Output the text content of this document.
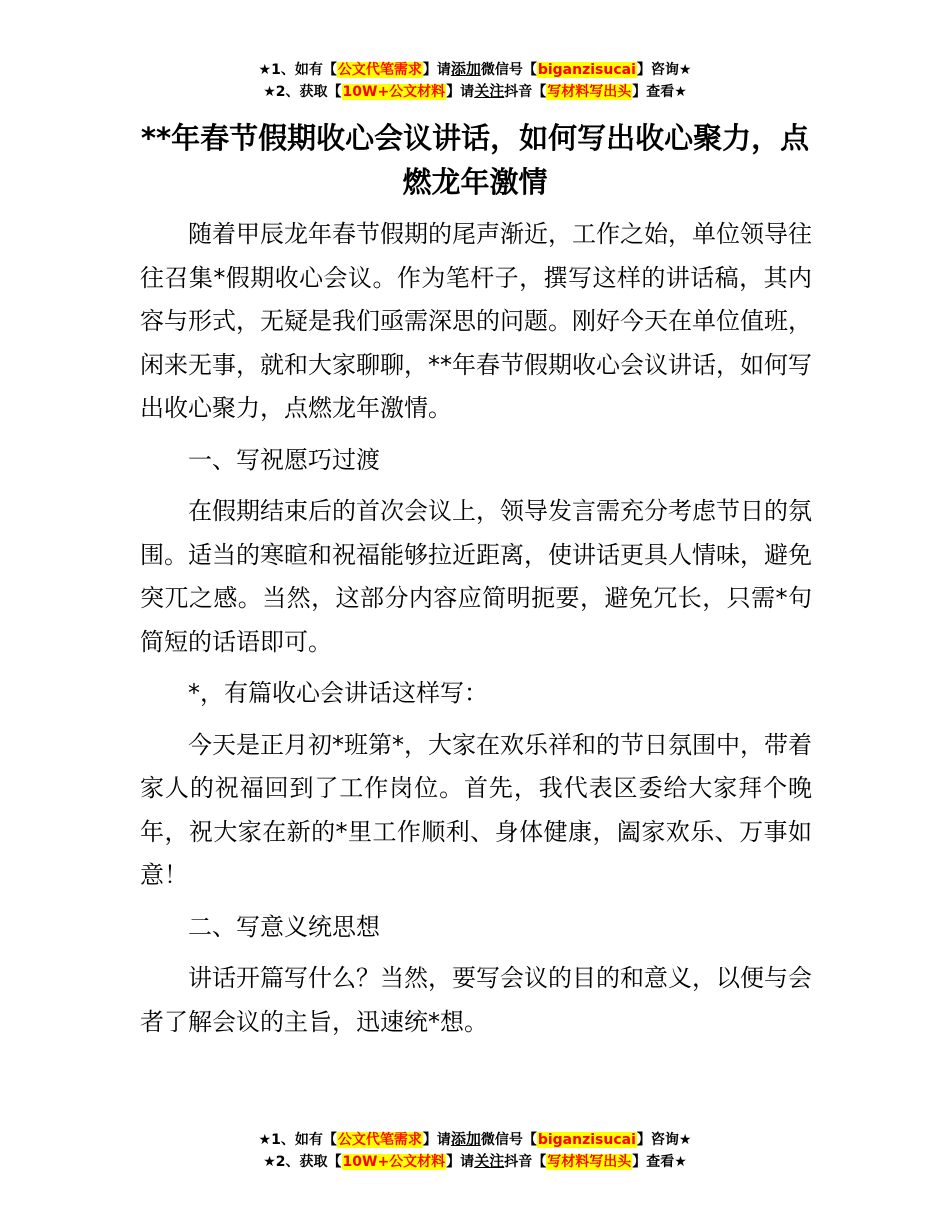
★1、如有【公文代笔需求】请添加微信号【biganzisucai】咨询★
★2、获取【10W+公文材料】请关注抖音【写材料写出头】查看★
**年春节假期收心会议讲话，如何写出收心聚力，点燃龙年激情

随着甲辰龙年春节假期的尾声渐近，工作之始，单位领导往往召集*假期收心会议。作为笔杆子，撰写这样的讲话稿，其内容与形式，无疑是我们亟需深思的问题。刚好今天在单位值班，闲来无事，就和大家聊聊，**年春节假期收心会议讲话，如何写出收心聚力，点燃龙年激情。

一、写祝愿巧过渡

在假期结束后的首次会议上，领导发言需充分考虑节日的氛围。适当的寒暄和祝福能够拉近距离，使讲话更具人情味，避免突兀之感。当然，这部分内容应简明扼要，避免冗长，只需*句简短的话语即可。

*，有篇收心会讲话这样写：

今天是正月初*班第*，大家在欢乐祥和的节日氛围中，带着家人的祝福回到了工作岗位。首先，我代表区委给大家拜个晚年，祝大家在新的*里工作顺利、身体健康，阖家欢乐、万事如意！

二、写意义统思想

讲话开篇写什么？当然，要写会议的目的和意义，以便与会者了解会议的主旨，迅速统*想。

★1、如有【公文代笔需求】请添加微信号【biganzisucai】咨询★
★2、获取【10W+公文材料】请关注抖音【写材料写出头】查看★
